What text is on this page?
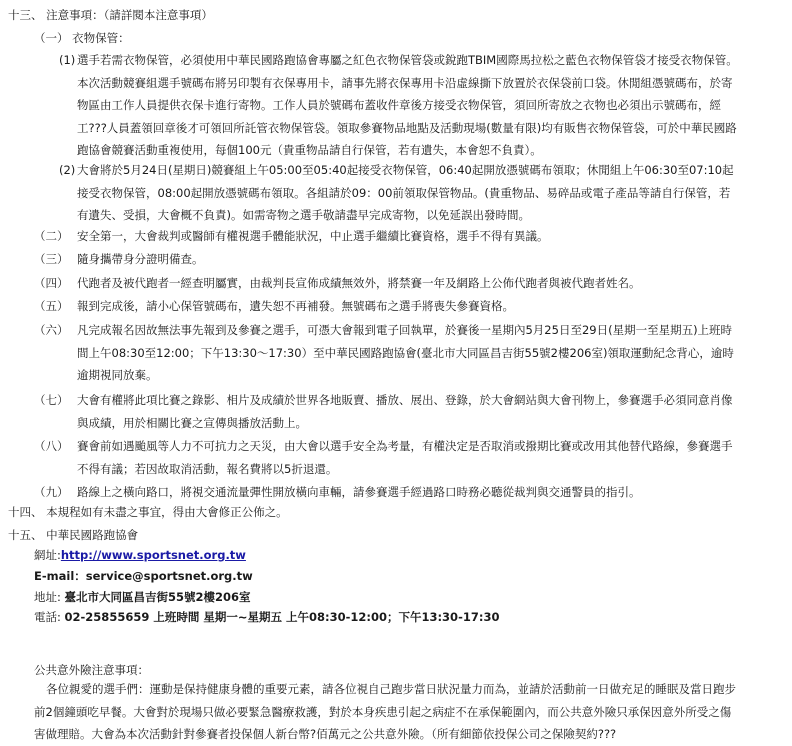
十三、 注意事項：（請詳閱本注意事項）
（一） 衣物保管：
(1) 選手若需衣物保管，必須使用中華民國路跑協會專屬之紅色衣物保管袋或銳跑TBIM國際馬拉松之藍色衣物保管袋才接受衣物保管。本次活動競賽組選手號碼布將另印製有衣保專用卡，請事先將衣保專用卡沿虛線撕下放置於衣保袋前口袋。休閒組憑號碼布，於寄物區由工作人員提供衣保卡進行寄物。工作人員於號碼布蓋收件章後方接受衣物保管，須回所寄放之衣物也必須出示號碼布，經工???人員蓋領回章後才可領回所託管衣物保管袋。領取參賽物品地點及活動現場(數量有限)均有販售衣物保管袋，可於中華民國路跑協會競賽活動重複使用，每個100元（貴重物品請自行保管，若有遺失，本會恕不負責）。
(2) 大會將於5月24日(星期日)競賽組上午05:00至05:40起接受衣物保管，06:40起開放憑號碼布領取；休閒組上午06:30至07:10起接受衣物保管，08:00起開放憑號碼布領取。各組請於09：00前領取保管物品。(貴重物品、易碎品或電子產品等請自行保管，若有遺失、受損，大會概不負責)。如需寄物之選手敬請盡早完成寄物，以免延誤出發時間。
（二） 安全第一，大會裁判或醫師有權視選手體能狀況，中止選手繼續比賽資格，選手不得有異議。
（三） 隨身攜帶身分證明備查。
（四） 代跑者及被代跑者一經查明屬實，由裁判長宣佈成績無效外，將禁賽一年及網路上公佈代跑者與被代跑者姓名。
（五） 報到完成後，請小心保管號碼布，遺失恕不再補發。無號碼布之選手將喪失參賽資格。
（六） 凡完成報名因故無法事先報到及參賽之選手，可憑大會報到電子回執單，於賽後一星期內5月25日至29日(星期一至星期五)上班時間上午08:30至12:00；下午13:30～17:30）至中華民國路跑協會(臺北市大同區昌吉街55號2樓206室)領取運動紀念背心，逾時逾期視同放棄。
（七） 大會有權將此項比賽之錄影、相片及成績於世界各地販賣、播放、展出、登錄，於大會網站與大會刊物上，參賽選手必須同意肖像與成績，用於相關比賽之宣傳與播放活動上。
（八） 賽會前如遇颱風等人力不可抗力之天災，由大會以選手安全為考量，有權決定是否取消或撥期比賽或改用其他替代路線，參賽選手不得有議；若因故取消活動，報名費將以5折退還。
（九） 路線上之橫向路口，將視交通流量彈性開放橫向車輛，請參賽選手經過路口時務必聽從裁判與交通警員的指引。
十四、 本規程如有未盡之事宜，得由大會修正公佈之。
十五、 中華民國路跑協會
網址:http://www.sportsnet.org.tw
E-mail：service@sportsnet.org.tw
地址: 臺北市大同區昌吉街55號2樓206室
電話: 02-25855659 上班時間 星期一~星期五 上午08:30-12:00；下午13:30-17:30
公共意外險注意事項：
各位親愛的選手們：運動是保持健康身體的重要元素，請各位視自己跑步當日狀況量力而為，並請於活動前一日做充足的睡眠及當日跑步前2個鐘頭吃早餐。大會對於現場只做必要緊急醫療救護，對於本身疾患引起之病症不在承保範圍內，而公共意外險只承保因意外所受之傷害做理賠。大會為本次活動針對參賽者投保個人新台幣?佰萬元之公共意外險。（所有細節依投保公司之保險契約???
